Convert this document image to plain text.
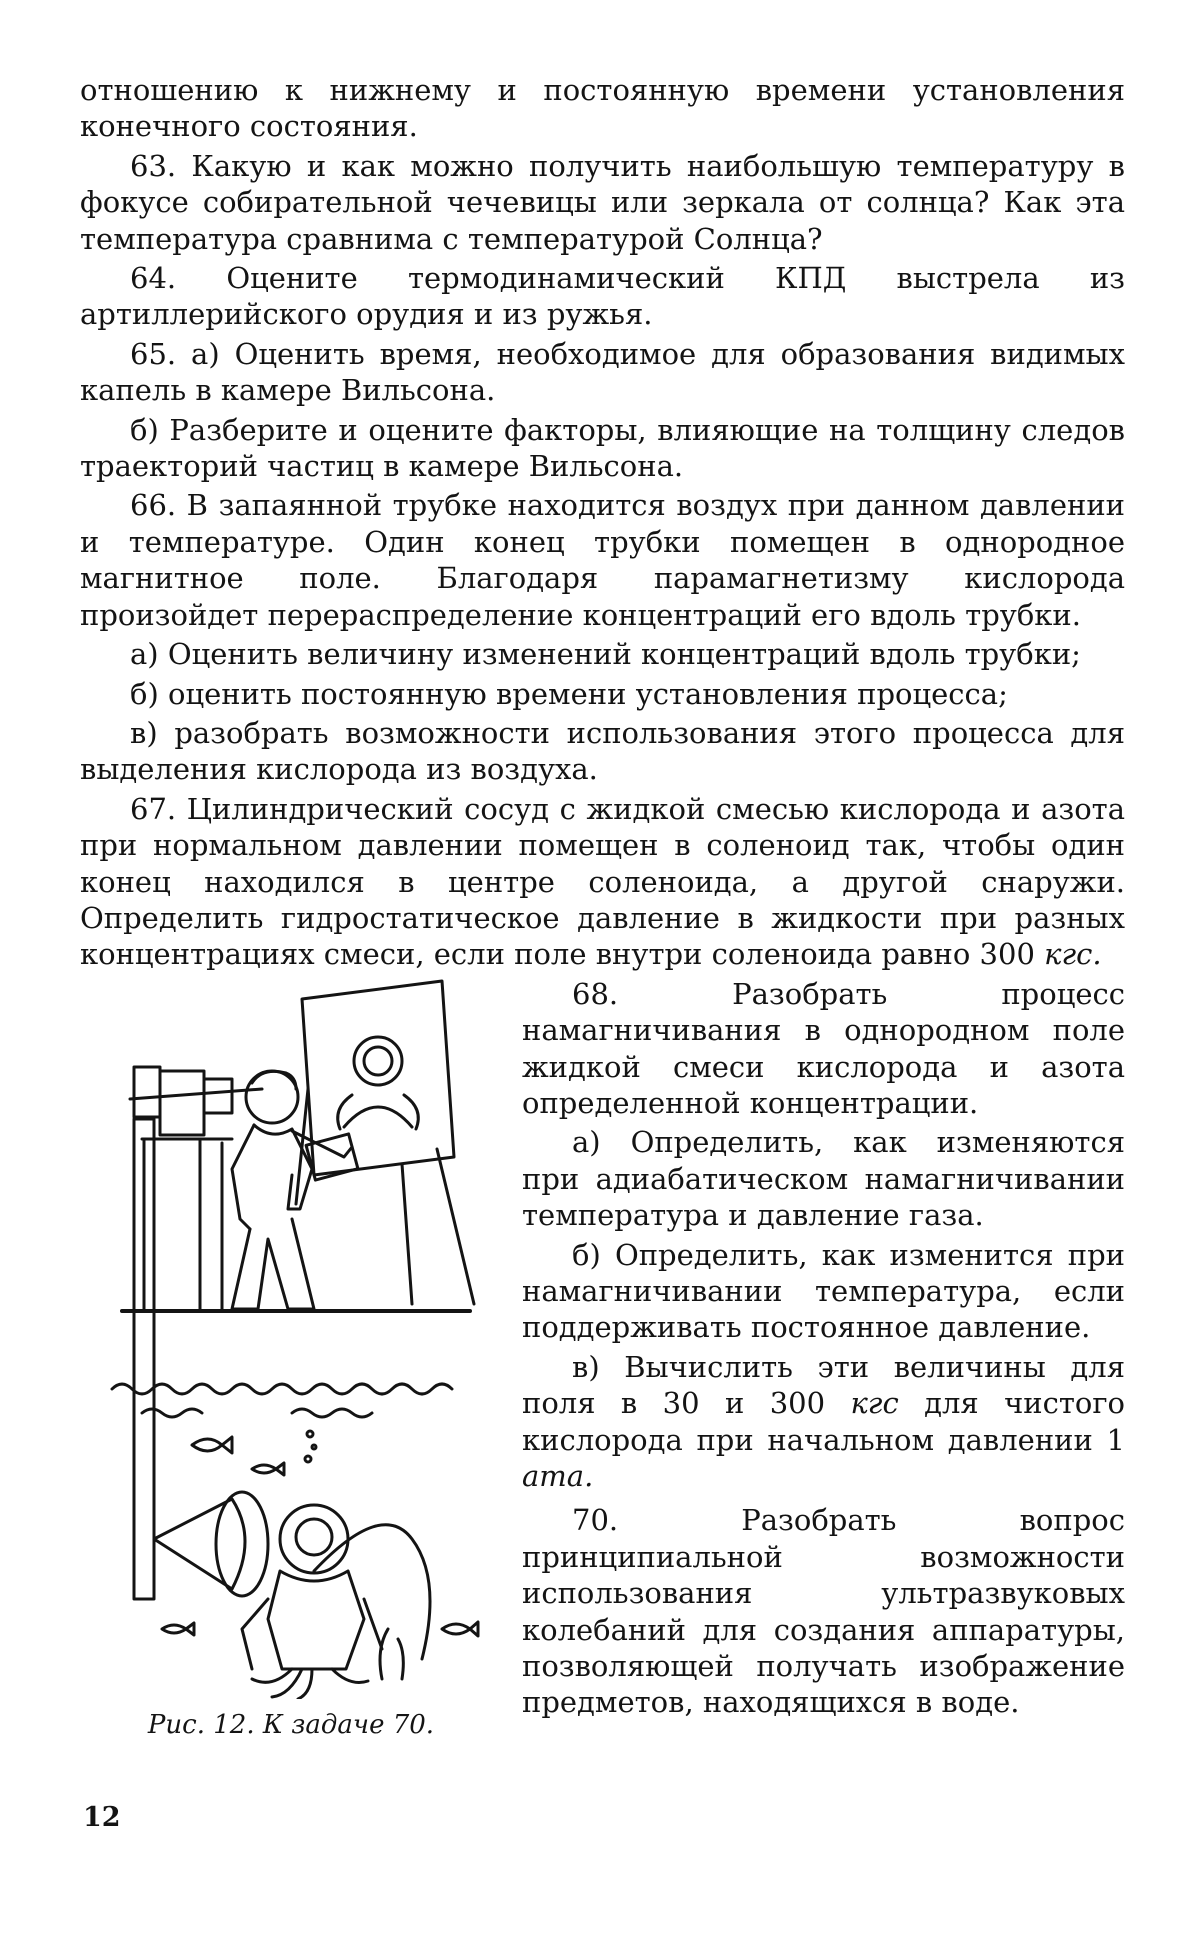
отношению к нижнему и постоянную времени установления конечного состояния.

63. Какую и как можно получить наибольшую температуру в фокусе собирательной чечевицы или зеркала от солнца? Как эта температура сравнима с температурой Солнца?

64. Оцените термодинамический КПД выстрела из артиллерийского орудия и из ружья.

65. а) Оценить время, необходимое для образования видимых капель в камере Вильсона.

б) Разберите и оцените факторы, влияющие на толщину следов траекторий частиц в камере Вильсона.

66. В запаянной трубке находится воздух при данном давлении и температуре. Один конец трубки помещен в однородное магнитное поле. Благодаря парамагнетизму кислорода произойдет перераспределение концентраций его вдоль трубки.

а) Оценить величину изменений концентраций вдоль трубки;

б) оценить постоянную времени установления процесса;

в) разобрать возможности использования этого процесса для выделения кислорода из воздуха.

67. Цилиндрический сосуд с жидкой смесью кислорода и азота при нормальном давлении помещен в соленоид так, чтобы один конец находился в центре соленоида, а другой снаружи. Определить гидростатическое давление в жидкости при разных концентрациях смеси, если поле внутри соленоида равно 300 кгс.

Рис. 12. К задаче 70.

68. Разобрать процесс намагничивания в однородном поле жидкой смеси кислорода и азота определенной концентрации.

а) Определить, как изменяются при адиабатическом намагничивании температура и давление газа.

б) Определить, как изменится при намагничивании температура, если поддерживать постоянное давление.

в) Вычислить эти величины для поля в 30 и 300 кгс для чистого кислорода при начальном давлении 1 ата.

70. Разобрать вопрос принципиальной возможности использования ультразвуковых колебаний для создания аппаратуры, позволяющей получать изображение предметов, находящихся в воде.

12
